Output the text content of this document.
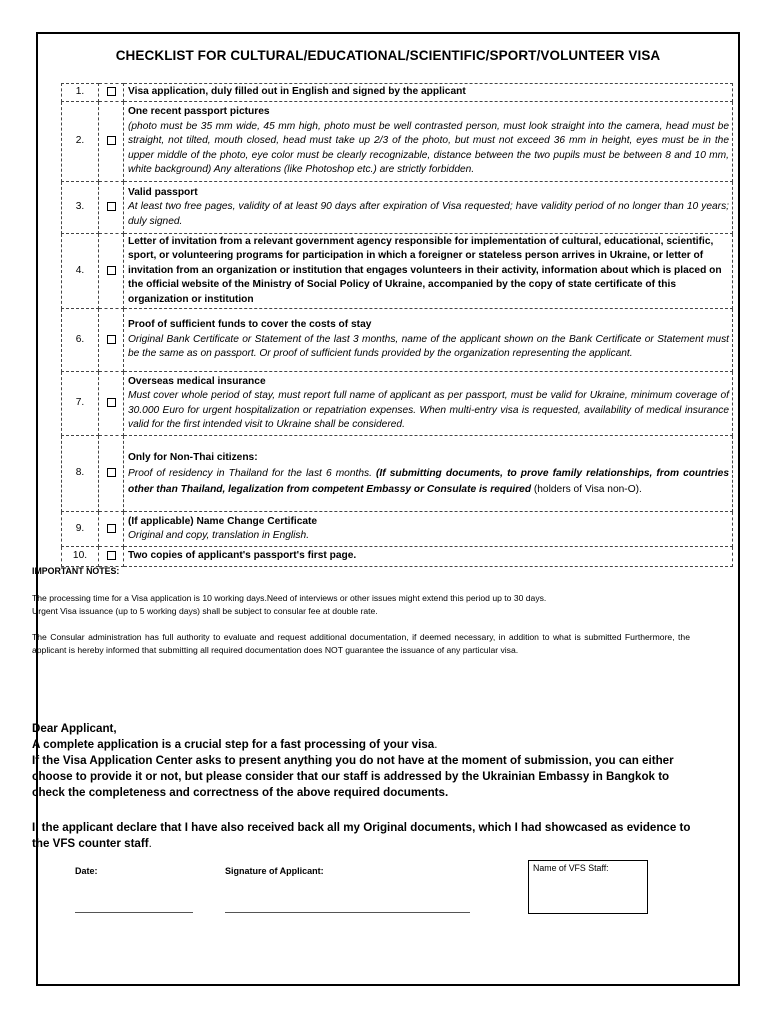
CHECKLIST FOR CULTURAL/EDUCATIONAL/SCIENTIFIC/SPORT/VOLUNTEER VISA
1.		Visa application, duly filled out in English and signed by the applicant

2.		One recent passport pictures
(photo must be 35 mm wide, 45 mm high, photo must be well contrasted person, must look straight into the camera, head must be straight, not tilted, mouth closed, head must take up 2/3 of the photo, but must not exceed 36 mm in height, eyes must be in the upper middle of the photo, eye color must be clearly recognizable, distance between the two pupils must be between 8 and 10 mm, white background) Any alterations (like Photoshop etc.) are strictly forbidden.

3.		Valid passport
At least two free pages, validity of at least 90 days after expiration of Visa requested; have validity period of no longer than 10 years; duly signed.

4.		Letter of invitation from a relevant government agency responsible for implementation of cultural, educational, scientific, sport, or volunteering programs for participation in which a foreigner or stateless person arrives in Ukraine, or letter of invitation from an organization or institution that engages volunteers in their activity, information about which is placed on the official website of the Ministry of Social Policy of Ukraine, accompanied by the copy of state certificate of this organization or institution

6.		Proof of sufficient funds to cover the costs of stay
Original Bank Certificate or Statement of the last 3 months, name of the applicant shown on the Bank Certificate or Statement must be the same as on passport. Or proof of sufficient funds provided by the organization representing the applicant.

7.		Overseas medical insurance
Must cover whole period of stay, must report full name of applicant as per passport, must be valid for Ukraine, minimum coverage of 30.000 Euro for urgent hospitalization or repatriation expenses. When multi-entry visa is requested, availability of medical insurance valid for the first intended visit to Ukraine shall be considered.

8.		Only for Non-Thai citizens:
Proof of residency in Thailand for the last 6 months. (If submitting documents, to prove family relationships, from countries other than Thailand, legalization from competent Embassy or Consulate is required (holders of Visa non-O).

9.		(If applicable) Name Change Certificate
Original and copy, translation in English.

10.		Two copies of applicant's passport's first page.
IMPORTANT NOTES:
The processing time for a Visa application is 10 working days.Need of interviews or other issues might extend this period up to 30 days.
Urgent Visa issuance (up to 5 working days) shall be subject to consular fee at double rate.
The Consular administration has full authority to evaluate and request additional documentation, if deemed necessary, in addition to what is submitted Furthermore, the applicant is hereby informed that submitting all required documentation does NOT guarantee the issuance of any particular visa.
Dear Applicant,
A complete application is a crucial step for a fast processing of your visa.
If the Visa Application Center asks to present anything you do not have at the moment of submission, you can either choose to provide it or not, but please consider that our staff is addressed by the Ukrainian Embassy in Bangkok to check the completeness and correctness of the above required documents.
I, the applicant declare that I have also received back all my Original documents, which I had showcased as evidence to the VFS counter staff.
Date:	Signature of Applicant:	Name of VFS Staff:
